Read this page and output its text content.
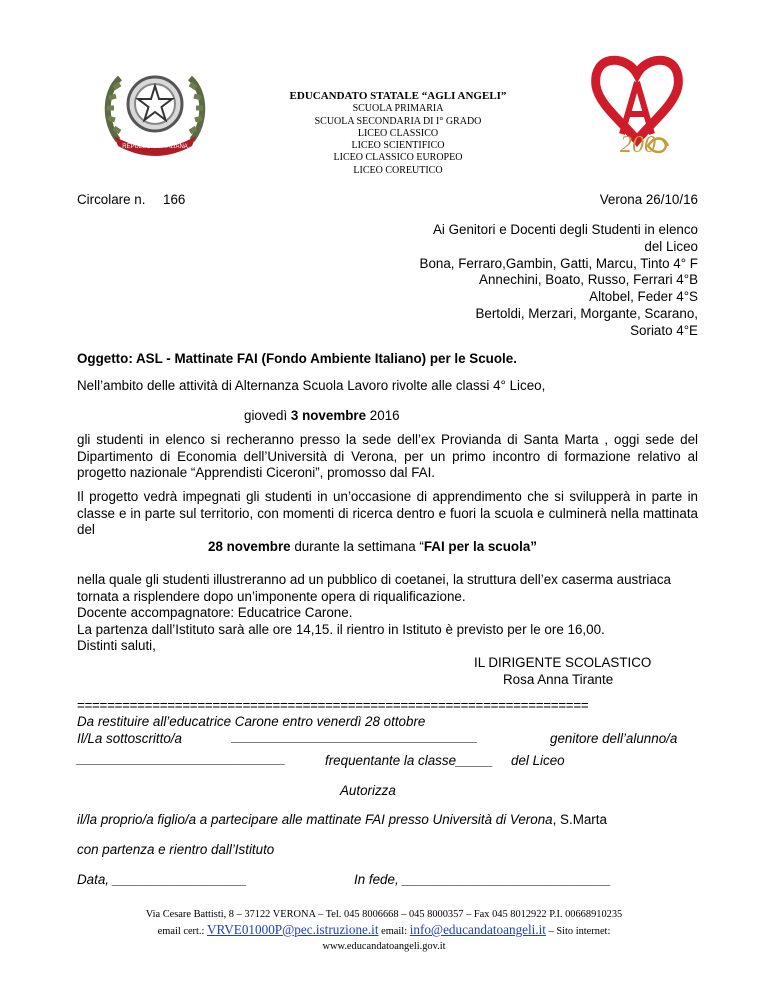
REPUBBLICA ITALIANA	200
EDUCANDATO STATALE “AGLI ANGELI”
SCUOLA PRIMARIA
SCUOLA SECONDARIA DI I° GRADO
LICEO CLASSICO
LICEO SCIENTIFICO
LICEO CLASSICO EUROPEO
LICEO COREUTICO
Circolare n. 166	Verona 26/10/16
Ai Genitori e Docenti degli Studenti in elenco
del Liceo
Bona, Ferraro,Gambin, Gatti, Marcu, Tinto 4° F
Annechini, Boato, Russo, Ferrari 4°B
Altobel, Feder 4°S
Bertoldi, Merzari, Morgante, Scarano,
Soriato 4°E
Oggetto: ASL - Mattinate FAI (Fondo Ambiente Italiano) per le Scuole.
Nell’ambito delle attività di Alternanza Scuola Lavoro rivolte alle classi 4° Liceo,
giovedì 3 novembre 2016
gli studenti in elenco si recheranno presso la sede dell’ex Provianda di Santa Marta , oggi sede del Dipartimento di Economia dell’Università di Verona, per un primo incontro di formazione relativo al progetto nazionale “Apprendisti Ciceroni”, promosso dal FAI.
Il progetto vedrà impegnati gli studenti in un’occasione di apprendimento che si svilupperà in parte in classe e in parte sul territorio, con momenti di ricerca dentro e fuori la scuola e culminerà nella mattinata del
28 novembre durante la settimana “FAI per la scuola”
nella quale gli studenti illustreranno ad un pubblico di coetanei, la struttura dell’ex caserma austriaca
tornata a risplendere dopo un’imponente opera di riqualificazione.
Docente accompagnatore: Educatrice Carone.
La partenza dall’Istituto sarà alle ore 14,15. il rientro in Istituto è previsto per le ore 16,00.
Distinti saluti,
IL DIRIGENTE SCOLASTICO
Rosa Anna Tirante
====================================================================
Da restituire all’educatrice Carone entro venerdì 28 ottobre
Il/La sottoscritto/a	_________________________________	genitore dell’alunno/a
____________________________	frequentante la classe_____ del Liceo
Autorizza
il/la proprio/a figlio/a a partecipare alle mattinate FAI presso Università di Verona, S.Marta
con partenza e rientro dall’Istituto
Data, __________________	In fede, ____________________________
Via Cesare Battisti, 8 – 37122 VERONA – Tel. 045 8006668 – 045 8000357 – Fax 045 8012922 P.I. 00668910235
email cert.: VRVE01000P@pec.istruzione.it email: info@educandatoangeli.it – Sito internet:
www.educandatoangeli.gov.it
